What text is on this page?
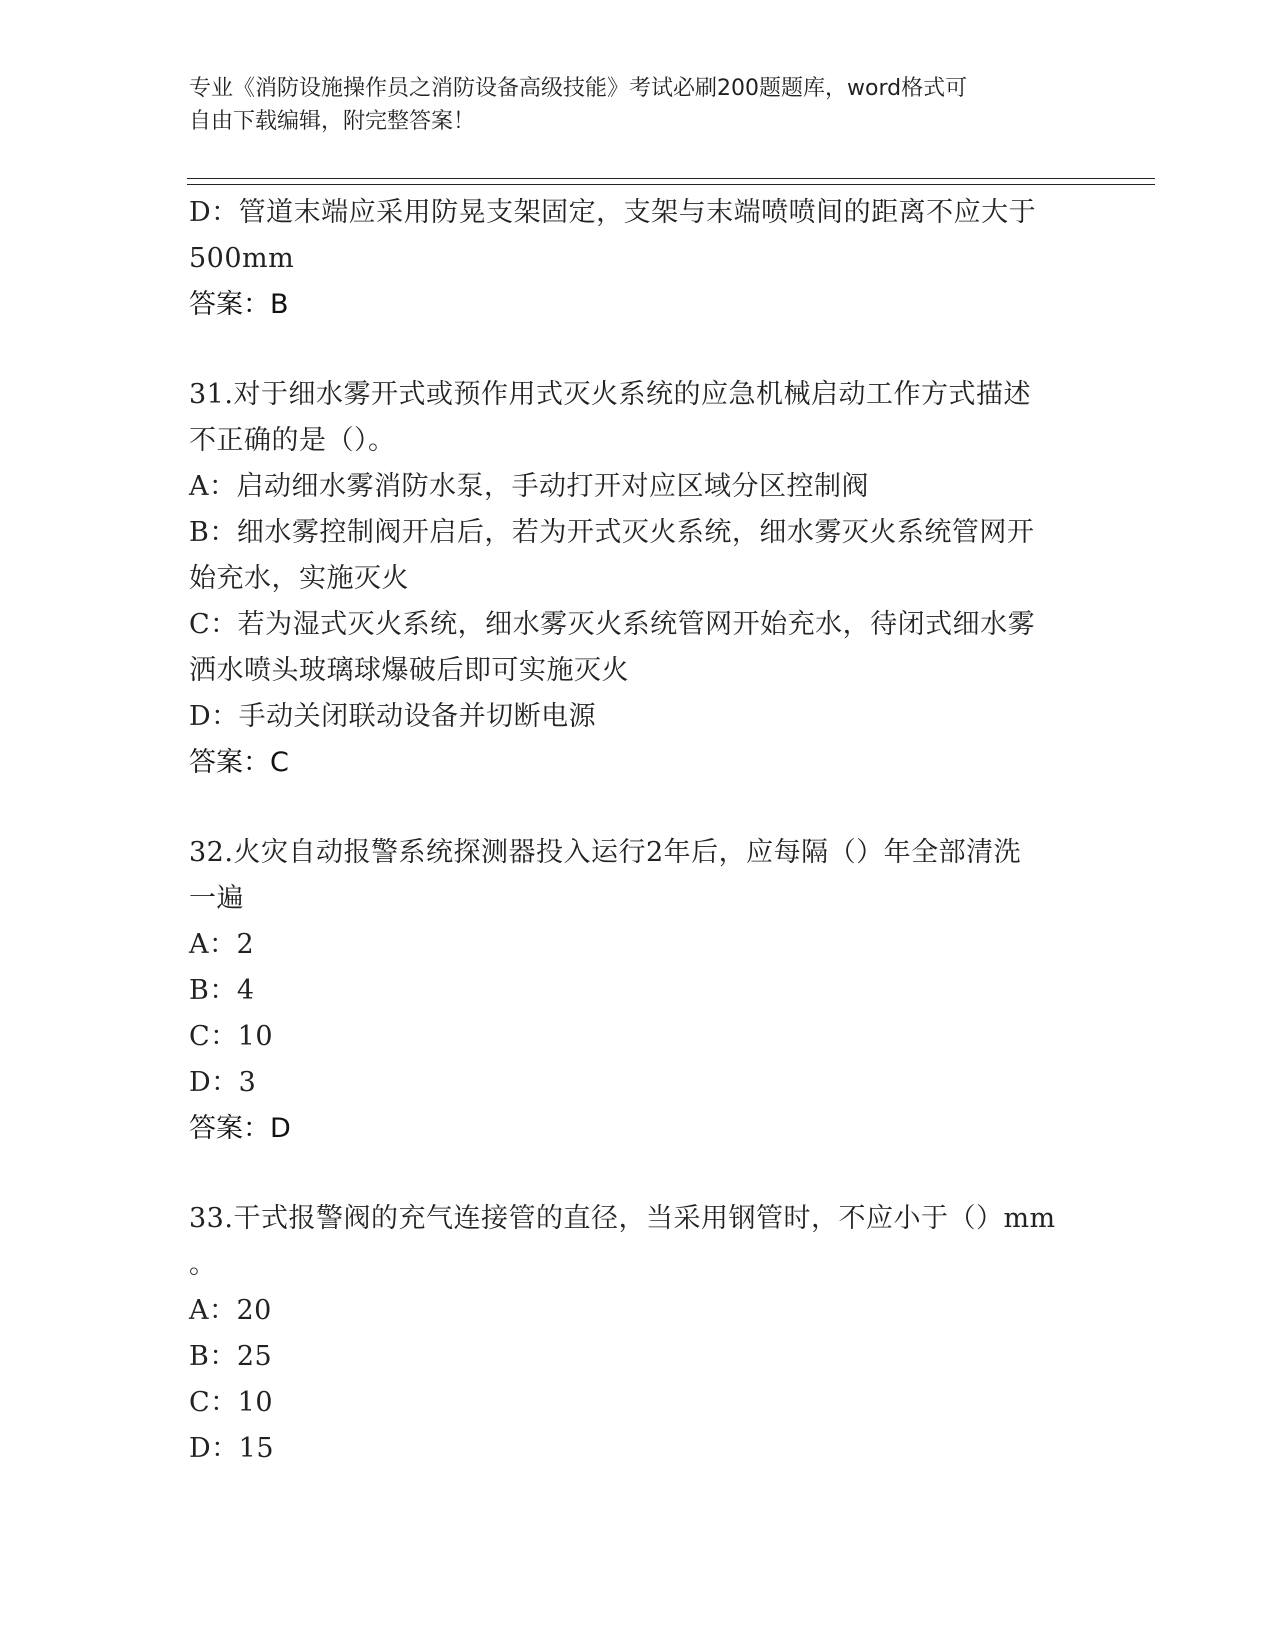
专业《消防设施操作员之消防设备高级技能》考试必刷200题题库，word格式可
自由下载编辑，附完整答案！
D：管道末端应采用防晃支架固定，支架与末端喷喷间的距离不应大于
500mm
答案：B
31.对于细水雾开式或预作用式灭火系统的应急机械启动工作方式描述
不正确的是（）。
A：启动细水雾消防水泵，手动打开对应区域分区控制阀
B：细水雾控制阀开启后，若为开式灭火系统，细水雾灭火系统管网开
始充水，实施灭火
C：若为湿式灭火系统，细水雾灭火系统管网开始充水，待闭式细水雾
洒水喷头玻璃球爆破后即可实施灭火
D：手动关闭联动设备并切断电源
答案：C
32.火灾自动报警系统探测器投入运行2年后，应每隔（）年全部清洗
一遍
A：2
B：4
C：10
D：3
答案：D
33.干式报警阀的充气连接管的直径，当采用钢管时，不应小于（）mm
。
A：20
B：25
C：10
D：15
